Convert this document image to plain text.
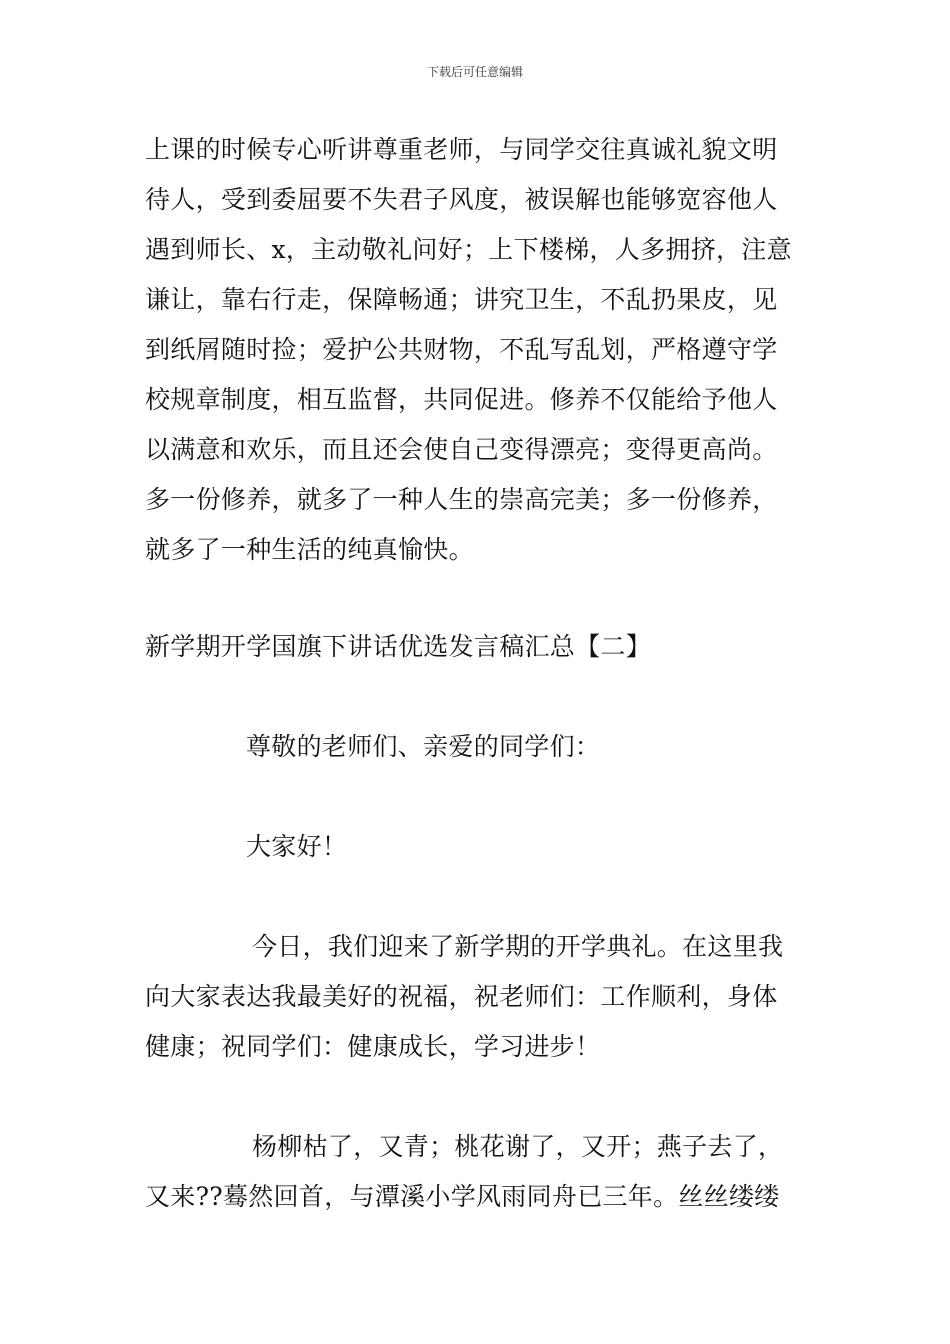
下载后可任意编辑
上课的时候专心听讲尊重老师，与同学交往真诚礼貌文明
待人，受到委屈要不失君子风度，被误解也能够宽容他人
遇到师长、x，主动敬礼问好；上下楼梯，人多拥挤，注意
谦让，靠右行走，保障畅通；讲究卫生，不乱扔果皮，见
到纸屑随时捡；爱护公共财物，不乱写乱划，严格遵守学
校规章制度，相互监督，共同促进。修养不仅能给予他人
以满意和欢乐，而且还会使自己变得漂亮；变得更高尚。
多一份修养，就多了一种人生的崇高完美；多一份修养，
就多了一种生活的纯真愉快。
新学期开学国旗下讲话优选发言稿汇总【二】
尊敬的老师们、亲爱的同学们：
大家好！
今日，我们迎来了新学期的开学典礼。在这里我
向大家表达我最美好的祝福，祝老师们：工作顺利，身体
健康；祝同学们：健康成长，学习进步！
杨柳枯了，又青；桃花谢了，又开；燕子去了，
又来??蓦然回首，与潭溪小学风雨同舟已三年。丝丝缕缕
